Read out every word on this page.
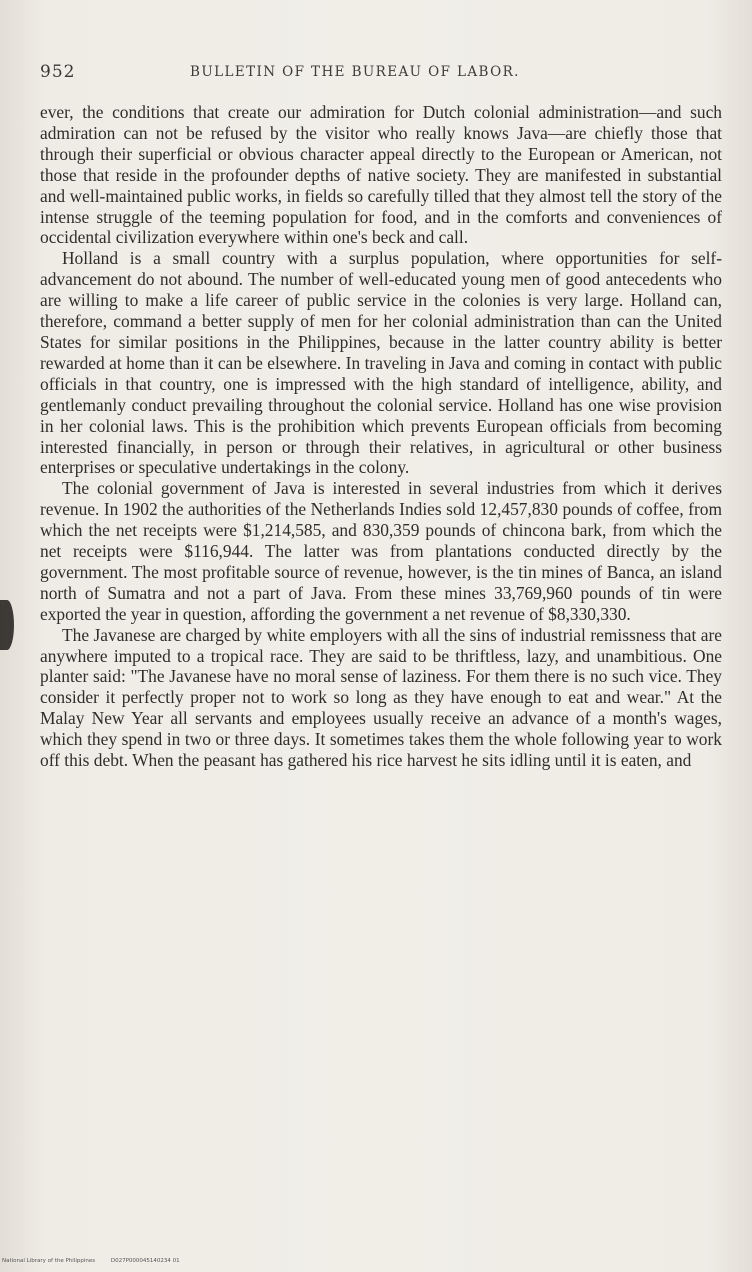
952	BULLETIN OF THE BUREAU OF LABOR.

ever, the conditions that create our admiration for Dutch colonial administration—and such admiration can not be refused by the visitor who really knows Java—are chiefly those that through their superficial or obvious character appeal directly to the European or American, not those that reside in the profounder depths of native society. They are manifested in substantial and well-maintained public works, in fields so carefully tilled that they almost tell the story of the intense struggle of the teeming population for food, and in the comforts and conveniences of occidental civilization everywhere within one's beck and call.

Holland is a small country with a surplus population, where opportunities for self-advancement do not abound. The number of well-educated young men of good antecedents who are willing to make a life career of public service in the colonies is very large. Holland can, therefore, command a better supply of men for her colonial administration than can the United States for similar positions in the Philippines, because in the latter country ability is better rewarded at home than it can be elsewhere. In traveling in Java and coming in contact with public officials in that country, one is impressed with the high standard of intelligence, ability, and gentlemanly conduct prevailing throughout the colonial service. Holland has one wise provision in her colonial laws. This is the prohibition which prevents European officials from becoming interested financially, in person or through their relatives, in agricultural or other business enterprises or speculative undertakings in the colony.

The colonial government of Java is interested in several industries from which it derives revenue. In 1902 the authorities of the Netherlands Indies sold 12,457,830 pounds of coffee, from which the net receipts were $1,214,585, and 830,359 pounds of chincona bark, from which the net receipts were $116,944. The latter was from plantations conducted directly by the government. The most profitable source of revenue, however, is the tin mines of Banca, an island north of Sumatra and not a part of Java. From these mines 33,769,960 pounds of tin were exported the year in question, affording the government a net revenue of $8,330,330.

The Javanese are charged by white employers with all the sins of industrial remissness that are anywhere imputed to a tropical race. They are said to be thriftless, lazy, and unambitious. One planter said: "The Javanese have no moral sense of laziness. For them there is no such vice. They consider it perfectly proper not to work so long as they have enough to eat and wear." At the Malay New Year all servants and employees usually receive an advance of a month's wages, which they spend in two or three days. It sometimes takes them the whole following year to work off this debt. When the peasant has gathered his rice harvest he sits idling until it is eaten, and

National Library of the Philippines	D027P000045140234 01
